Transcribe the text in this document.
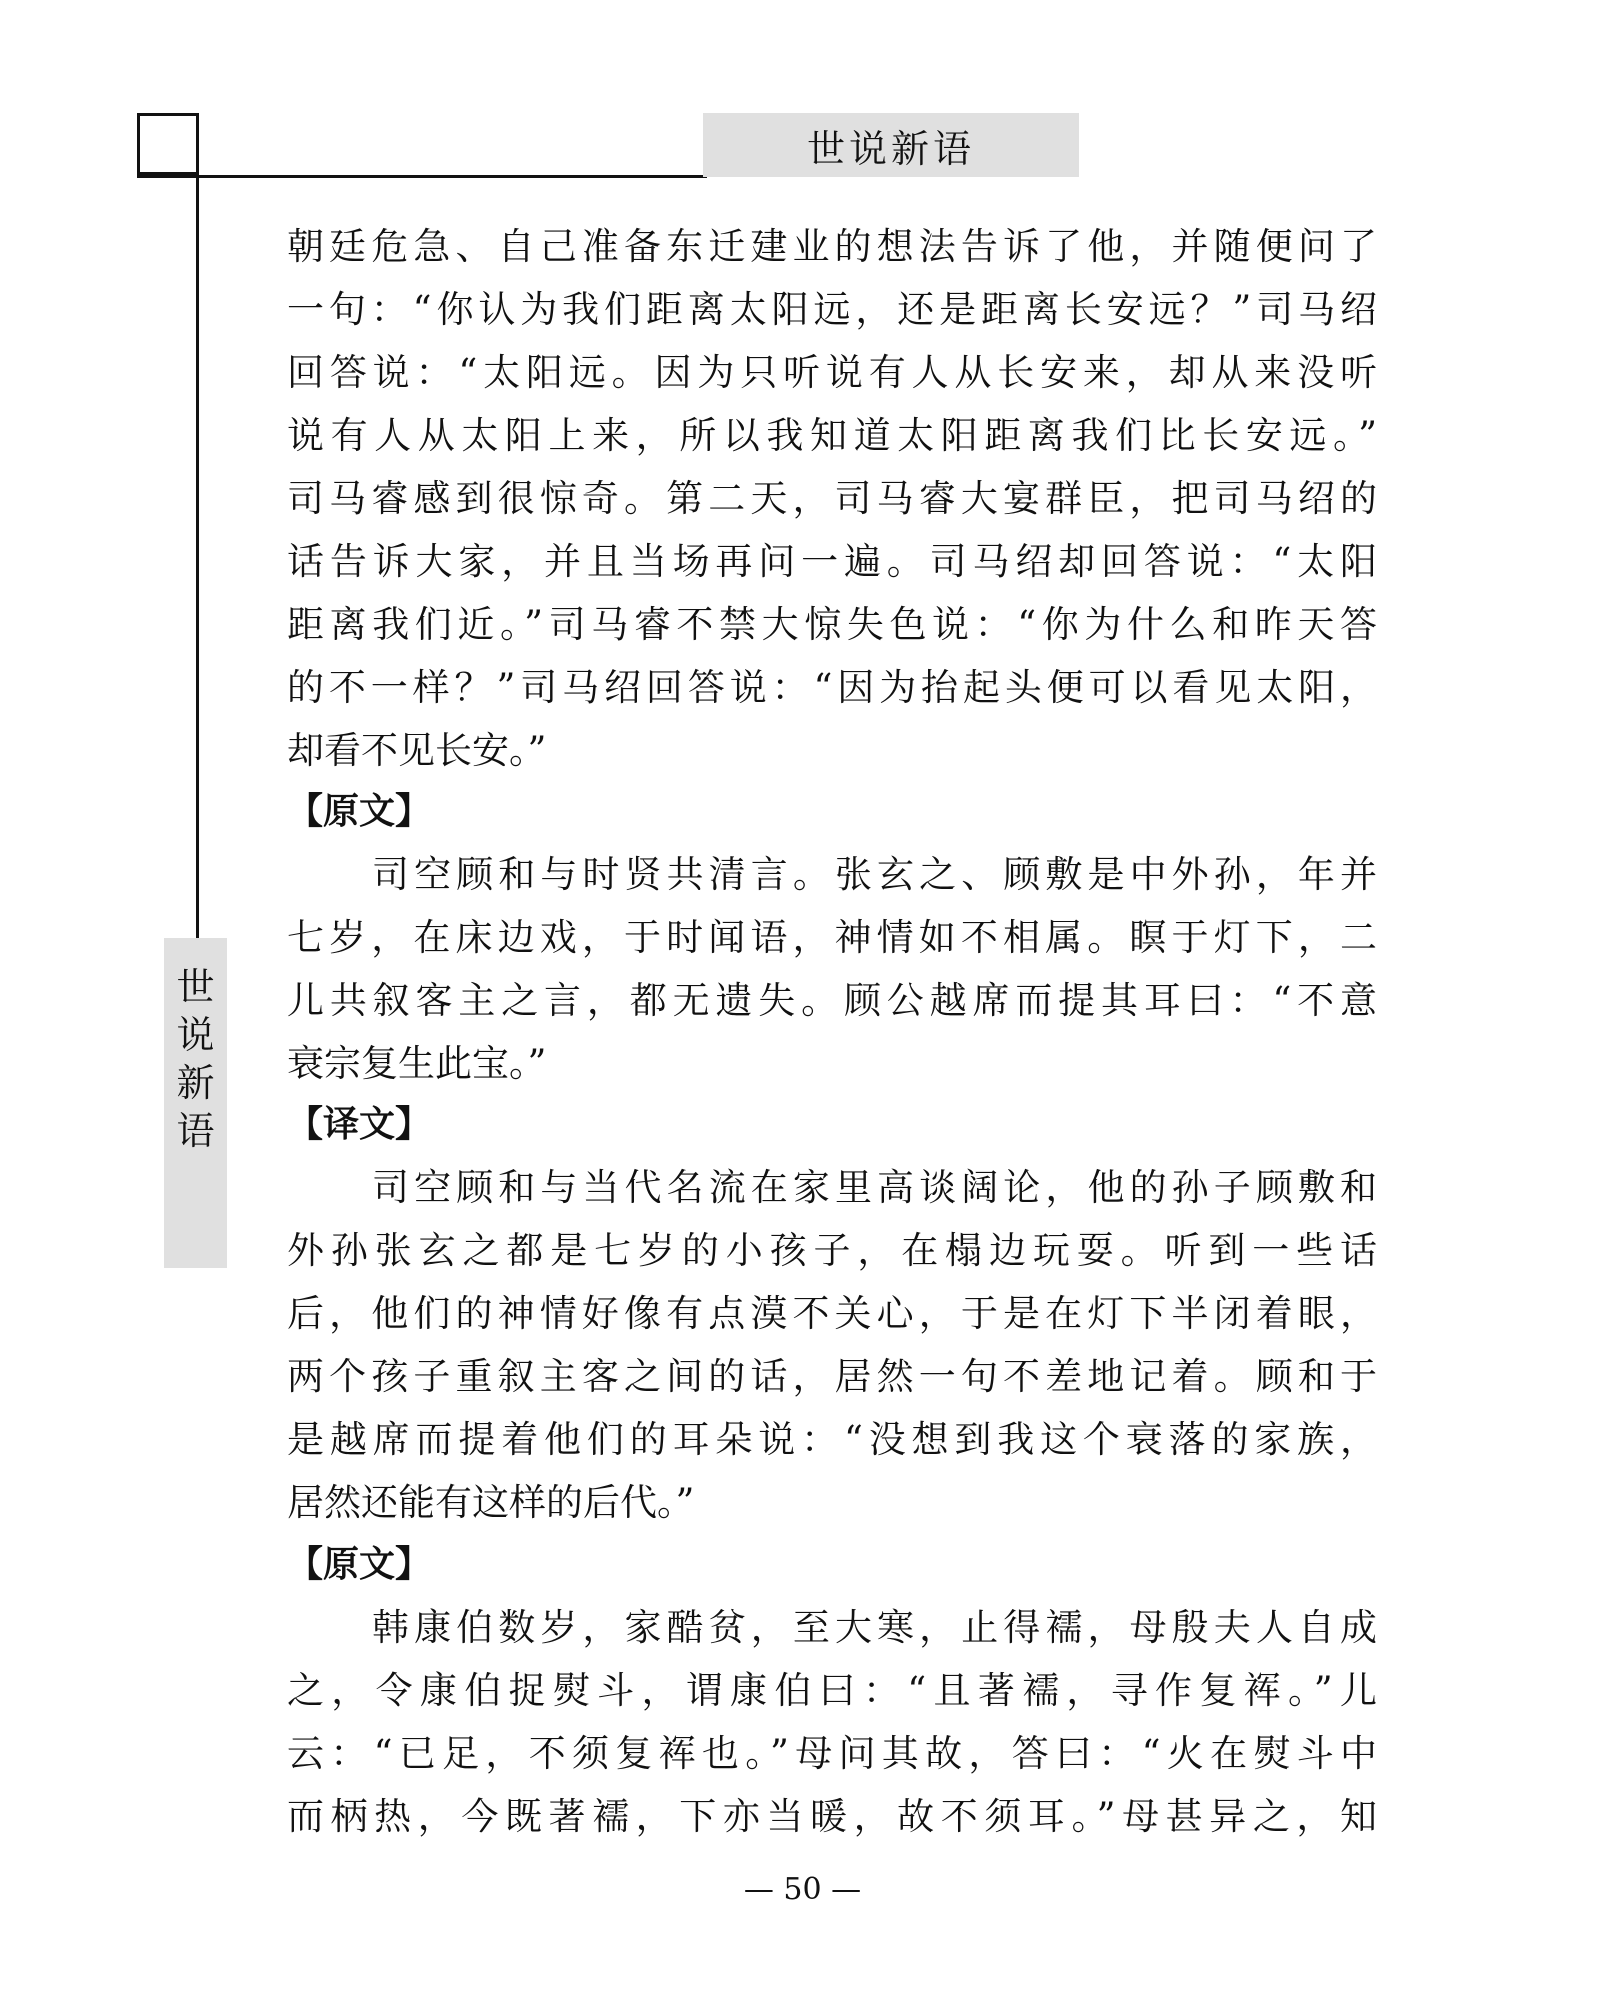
世说新语
世
说
新
语
朝廷危急、自己准备东迁建业的想法告诉了他，并随便问了
一句：“你认为我们距离太阳远，还是距离长安远？”司马绍
回答说：“太阳远。因为只听说有人从长安来，却从来没听
说有人从太阳上来，所以我知道太阳距离我们比长安远。”
司马睿感到很惊奇。第二天，司马睿大宴群臣，把司马绍的
话告诉大家，并且当场再问一遍。司马绍却回答说：“太阳
距离我们近。”司马睿不禁大惊失色说：“你为什么和昨天答
的不一样？”司马绍回答说：“因为抬起头便可以看见太阳，
却看不见长安。”
【原文】
司空顾和与时贤共清言。张玄之、顾敷是中外孙，年并
七岁，在床边戏，于时闻语，神情如不相属。瞑于灯下，二
儿共叙客主之言，都无遗失。顾公越席而提其耳曰：“不意
衰宗复生此宝。”
【译文】
司空顾和与当代名流在家里高谈阔论，他的孙子顾敷和
外孙张玄之都是七岁的小孩子，在榻边玩耍。听到一些话
后，他们的神情好像有点漠不关心，于是在灯下半闭着眼，
两个孩子重叙主客之间的话，居然一句不差地记着。顾和于
是越席而提着他们的耳朵说：“没想到我这个衰落的家族，
居然还能有这样的后代。”
【原文】
韩康伯数岁，家酷贫，至大寒，止得襦，母殷夫人自成
之，令康伯捉熨斗，谓康伯曰：“且著襦，寻作复裈。”儿
云：“已足，不须复裈也。”母问其故，答曰：“火在熨斗中
而柄热，今既著襦，下亦当暖，故不须耳。”母甚异之，知
— 50 —
